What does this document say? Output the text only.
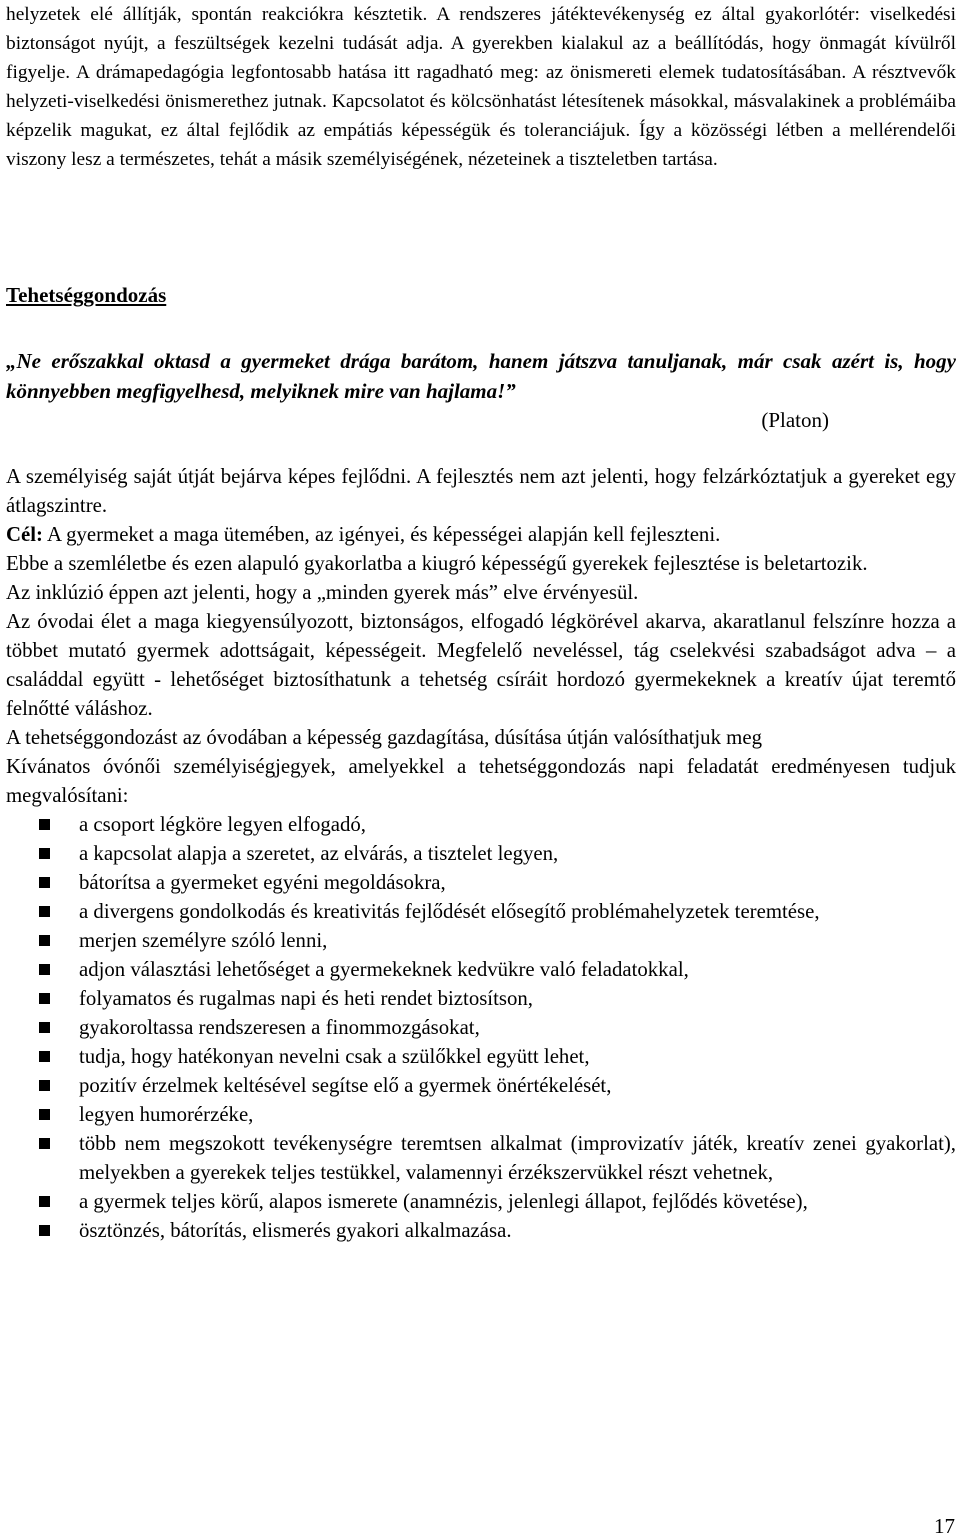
helyzetek elé állítják, spontán reakciókra késztetik. A rendszeres játéktevékenység ez által gyakorlótér: viselkedési biztonságot nyújt, a feszültségek kezelni tudását adja. A gyerekben kialakul az a beállítódás, hogy önmagát kívülről figyelje. A drámapedagógia legfontosabb hatása itt ragadható meg: az önismereti elemek tudatosításában. A résztvevők helyzeti-viselkedési önismerethez jutnak. Kapcsolatot és kölcsönhatást létesítenek másokkal, másvalakinek a problémáiba képzelik magukat, ez által fejlődik az empátiás képességük és toleranciájuk. Így a közösségi létben a mellérendelői viszony lesz a természetes, tehát a másik személyiségének, nézeteinek a tiszteletben tartása.
Tehetséggondozás
„Ne erőszakkal oktasd a gyermeket drága barátom, hanem játszva tanuljanak, már csak azért is, hogy könnyebben megfigyelhesd, melyiknek mire van hajlama!”
(Platon)

A személyiség saját útját bejárva képes fejlődni. A fejlesztés nem azt jelenti, hogy felzárkóztatjuk a gyereket egy átlagszintre.

Cél: A gyermeket a maga ütemében, az igényei, és képességei alapján kell fejleszteni.

Ebbe a szemléletbe és ezen alapuló gyakorlatba a kiugró képességű gyerekek fejlesztése is beletartozik.

Az inklúzió éppen azt jelenti, hogy a „minden gyerek más” elve érvényesül.

Az óvodai élet a maga kiegyensúlyozott, biztonságos, elfogadó légkörével akarva, akaratlanul felszínre hozza a többet mutató gyermek adottságait, képességeit. Megfelelő neveléssel, tág cselekvési szabadságot adva – a családdal együtt - lehetőséget biztosíthatunk a tehetség csíráit hordozó gyermekeknek a kreatív újat teremtő felnőtté váláshoz.

A tehetséggondozást az óvodában a képesség gazdagítása, dúsítása útján valósíthatjuk meg

Kívánatos óvónői személyiségjegyek, amelyekkel a tehetséggondozás napi feladatát eredményesen tudjuk megvalósítani:

a csoport légköre legyen elfogadó,
a kapcsolat alapja a szeretet, az elvárás, a tisztelet legyen,
bátorítsa a gyermeket egyéni megoldásokra,
a divergens gondolkodás és kreativitás fejlődését elősegítő problémahelyzetek teremtése,
merjen személyre szóló lenni,
adjon választási lehetőséget a gyermekeknek kedvükre való feladatokkal,
folyamatos és rugalmas napi és heti rendet biztosítson,
gyakoroltassa rendszeresen a finommozgásokat,
tudja, hogy hatékonyan nevelni csak a szülőkkel együtt lehet,
pozitív érzelmek keltésével segítse elő a gyermek önértékelését,
legyen humorérzéke,
több nem megszokott tevékenységre teremtsen alkalmat (improvizatív játék, kreatív zenei gyakorlat), melyekben a gyerekek teljes testükkel, valamennyi érzékszervükkel részt vehetnek,
a gyermek teljes körű, alapos ismerete (anamnézis, jelenlegi állapot, fejlődés követése),
ösztönzés, bátorítás, elismerés gyakori alkalmazása.
17
